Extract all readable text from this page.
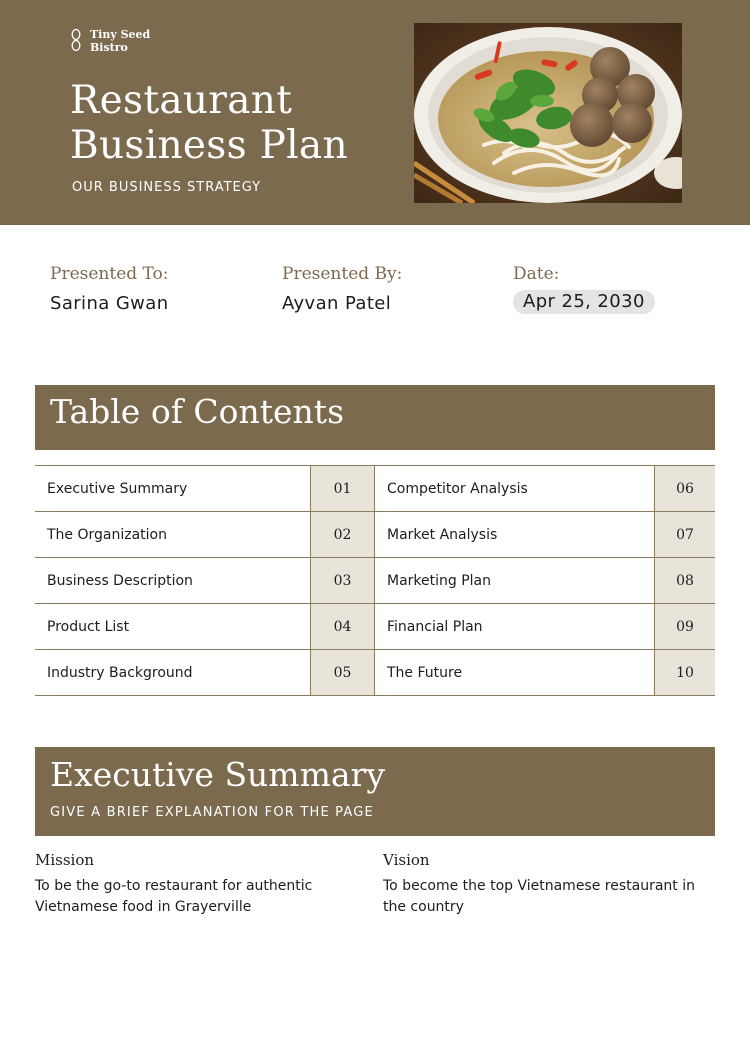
Tiny Seed
Bistro
Restaurant Business Plan
OUR BUSINESS STRATEGY
Presented To:
Sarina Gwan
Presented By:
Ayvan Patel
Date:
Apr 25, 2030
Table of Contents
Executive Summary	01	Competitor Analysis	06
The Organization	02	Market Analysis	07
Business Description	03	Marketing Plan	08
Product List	04	Financial Plan	09
Industry Background	05	The Future	10
Executive Summary
GIVE A BRIEF EXPLANATION FOR THE PAGE
Mission
To be the go-to restaurant for authentic Vietnamese food in Grayerville
Vision
To become the top Vietnamese restaurant in the country
